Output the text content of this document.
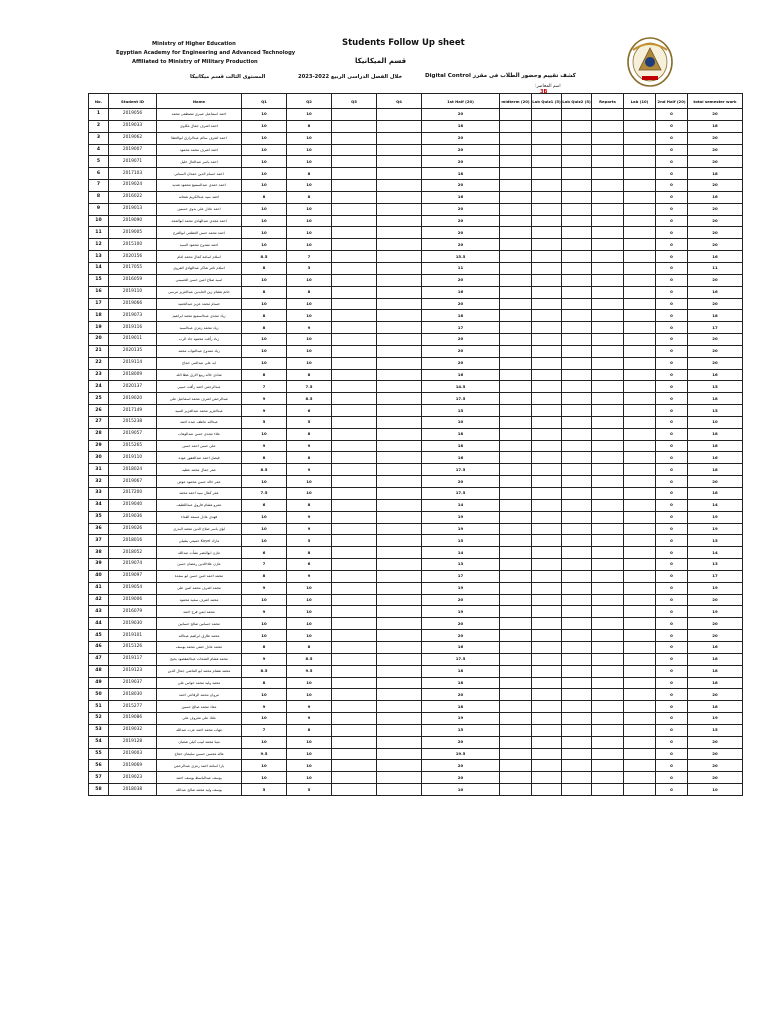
Ministry of Higher Education
Egyptian Academy for Engineering and Advanced Technology
Affiliated to Ministry of Military Production
Students Follow Up sheet
قسم الميكانيكا
المستوى الثالث قسم ميكانيكا	خلال الفصل الدراسى الربيع 2022-2023	كشف تقييم وحضور الطلاب فى مقرر Digital Control
اسم المحاضر:
3B
No.	Student ID	Name	Q1	Q2	Q3	Q4	1st Half (20)	midterm (20)	Lab Quiz1 (5)	Lab Quiz2 (5)	Reports	Lab (10)	2nd Half (20)	total semester work
1	2019056	احمد اسماعيل صبري مصطفى محمد	10	10			20						0	20
2	2019033	احمد اشرف جمال مكاوي	10	8			18						0	18
3	2019062	احمد اشرف سالم عبدالرازق ابوالعطا	10	10			20						0	20
4	2019007	احمد اشرف محمد محمود	10	10			20						0	20
5	2019071	احمد ياسر عبدالعال خليل	10	10			20						0	20
6	2017103	احمد حسام الدين حمدان السناني	10	8			18						0	18
7	2019024	احمد حمدي عبدالسميع محمود شديد	10	10			20						0	20
8	2016022	احمد سيد عبدالكريم شحاته	8	8			16						0	16
9	2019013	احمد عادل علي بدوي حسنين	10	10			20						0	20
10	2019090	احمد مجدي عبدالهادي محمد ابوالمجد	10	10			20						0	20
11	2019005	احمد محمد حسن العطمي ابوالفرج	10	10			20						0	20
12	2015100	احمد ممدوح محمود السيد	10	10			20						0	20
13	2020156	اسلام اسامة كمال محمد امام	8.5	7			15.5						0	16
14	2017055	اسلام تامر شاكر عبدالهادي الفروي	8	3			11						0	11
15	2016059	اسيد صلاح امين حسن الحسيني	10	10			20						0	20
16	2019110	حاتم هشام زين العابدين عبدالعزيز مرسي	8	8			16						0	16
17	2019066	حسام محمد عزيز عبدالحميد	10	10			20						0	20
18	2019073	زياد مجدي عبدالسميع محمد ابراهيم	8	10			18						0	18
19	2019116	زياد محمد رمزي عبدالسيد	8	9			17						0	17
20	2019011	زياد رأفت محمود جاد الرب	10	10			20						0	20
21	2020135	زياد ممدوح عبدالتواب محمد	10	10			20						0	20
22	2019114	ايه علي عبدالنبي حجاج	10	10			20						0	20
23	2018009	شادي خالد ربيع الارق عطا الله	8	8			16						0	16
24	2020137	عبدالرحمن احمد رأفت حبيبي	7	7.5			14.5						0	15
25	2019020	عبدالرحمن اشرف محمد اسماعيل علي	9	8.5			17.5						0	18
26	2017149	عبدالعزيز محمد عبدالعزيز السيد	9	6			15						0	15
27	2015238	عبدالله عاطف عبده احمد	5	5			10						0	10
28	2019057	علاء مجدي حسن عبدالوهاب	10	8			18						0	18
29	2015265	علي حسن احمد حسن	9	9			18						0	18
30	2019110	فيصل احمد عبدالغفور عوده	8	8			16						0	16
31	2018024	عمر جمال محمد عطيه	8.5	9			17.5						0	18
32	2019067	عمر خالد حسن محمود عوض	10	10			20						0	20
33	2017200	عمر كمال سيد احمد محمد	7.5	10			17.5						0	18
34	2019040	عمرو هشام فاروق عبداللطيف	6	8			14						0	14
35	2019036	فهدي عادل مسعد الفداء	10	9			19						0	19
36	2019026	لؤي ياسر صلاح الدين محمد البدري	10	9			19						0	19
37	2018016	مارك Kayel جميعي يشيلي	10	5			15						0	15
38	2018052	مازن ابوالنصر نشأت عبدالله	6	8			14						0	14
39	2019074	مازن علاءالدين رمضان حسن	7	6			13						0	13
40	2019097	محمد احمد امين حسن ابو سعدة	8	9			17						0	17
41	2019054	محمد اشرف محمد امين علي	9	10			19						0	19
42	2019006	محمد اشرف سعيد محمود	10	10			20						0	20
43	2016079	محمد ايمن فرج احمد	9	10			19						0	19
44	2019030	محمد حسانين صالح حسانين	10	10			20						0	20
45	2019101	محمد طارق ابراهيم عبدالله	10	10			20						0	20
46	2015126	محمد عادل حنفي محمد يوسف	8	8			16						0	16
47	2019117	محمد هشام الشحات عبدالمقصود بحيح	9	8.5			17.5						0	18
48	2019123	محمد هشام محمد ابو الماضي جمال الدين	8.5	9.5			18						0	18
49	2019037	محمد وليد محمد حواس علي	8	10			18						0	18
50	2018030	مروان محمد الرفاعي احمد	10	10			20						0	20
51	2015277	معاذ محمد صالح حسين	9	9			18						0	18
52	2019086	ملك علي معروف علي	10	9			19						0	19
53	2019032	مهاب محمد احمد عزت عبدالله	7	8			15						0	15
54	2019128	مينا محمد لبيب كيلي شعبان	10	10			20						0	20
55	2019003	هاله محسن حسين سليمان حجاج	9.5	10			19.5						0	20
56	2019069	يارا اسامة احمد رمزي عبدالرحمن	10	10			20						0	20
57	2019023	يوسف عبدالباسط يوسف احمد	10	10			20						0	20
58	2018038	يوسف وليد محمد صالح عبدالله	5	5			10						0	10
